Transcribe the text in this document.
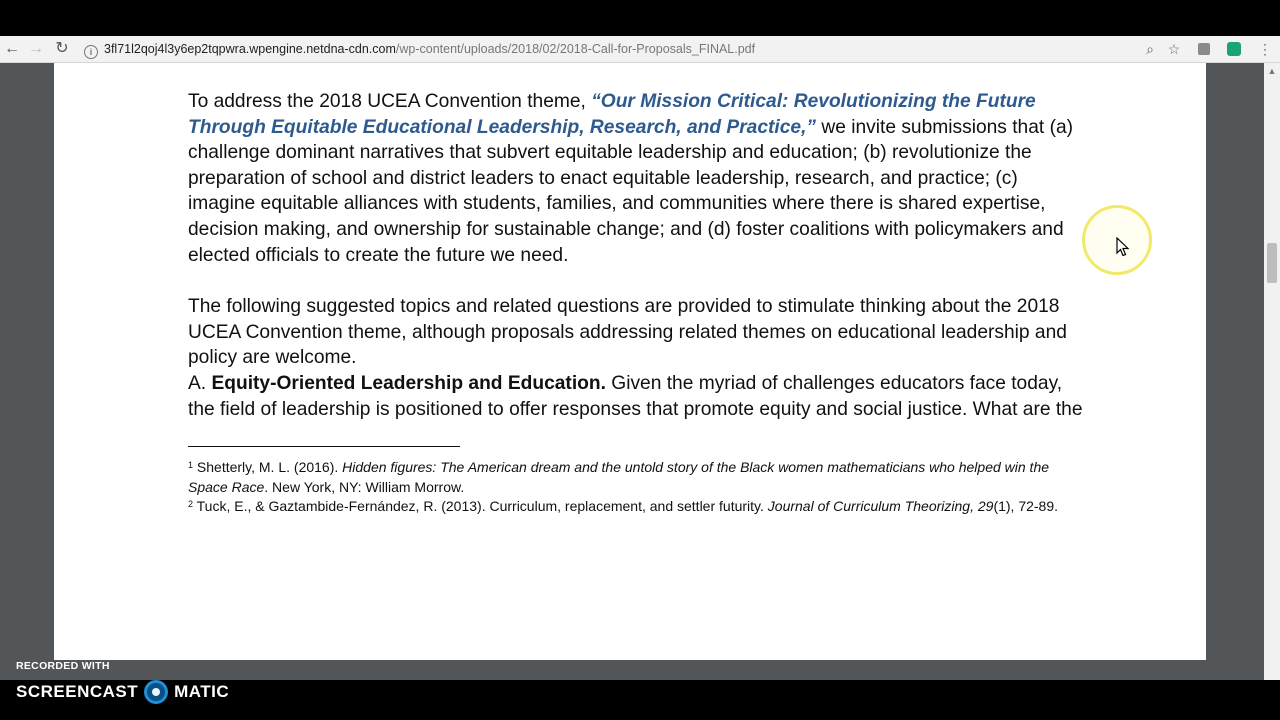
← → ↻	i 3fl71l2qoj4l3y6ep2tqpwra.wpengine.netdna-cdn.com/wp-content/uploads/2018/02/2018-Call-for-Proposals_FINAL.pdf	⌕ ☆	⋮

To address the 2018 UCEA Convention theme, “Our Mission Critical: Revolutionizing the Future Through Equitable Educational Leadership, Research, and Practice,” we invite submissions that (a) challenge dominant narratives that subvert equitable leadership and education; (b) revolutionize the preparation of school and district leaders to enact equitable leadership, research, and practice; (c) imagine equitable alliances with students, families, and communities where there is shared expertise, decision making, and ownership for sustainable change; and (d) foster coalitions with policymakers and elected officials to create the future we need.

The following suggested topics and related questions are provided to stimulate thinking about the 2018 UCEA Convention theme, although proposals addressing related themes on educational leadership and policy are welcome.

A. Equity-Oriented Leadership and Education. Given the myriad of challenges educators face today, the field of leadership is positioned to offer responses that promote equity and social justice. What are the

$^1$ Shetterly, M. L. (2016). Hidden figures: The American dream and the untold story of the Black women mathematicians who helped win the Space Race. New York, NY: William Morrow.

$^2$ Tuck, E., & Gaztambide-Fernández, R. (2013). Curriculum, replacement, and settler futurity. Journal of Curriculum Theorizing, 29(1), 72-89.

▲
RECORDED WITH
SCREENCAST MATIC
